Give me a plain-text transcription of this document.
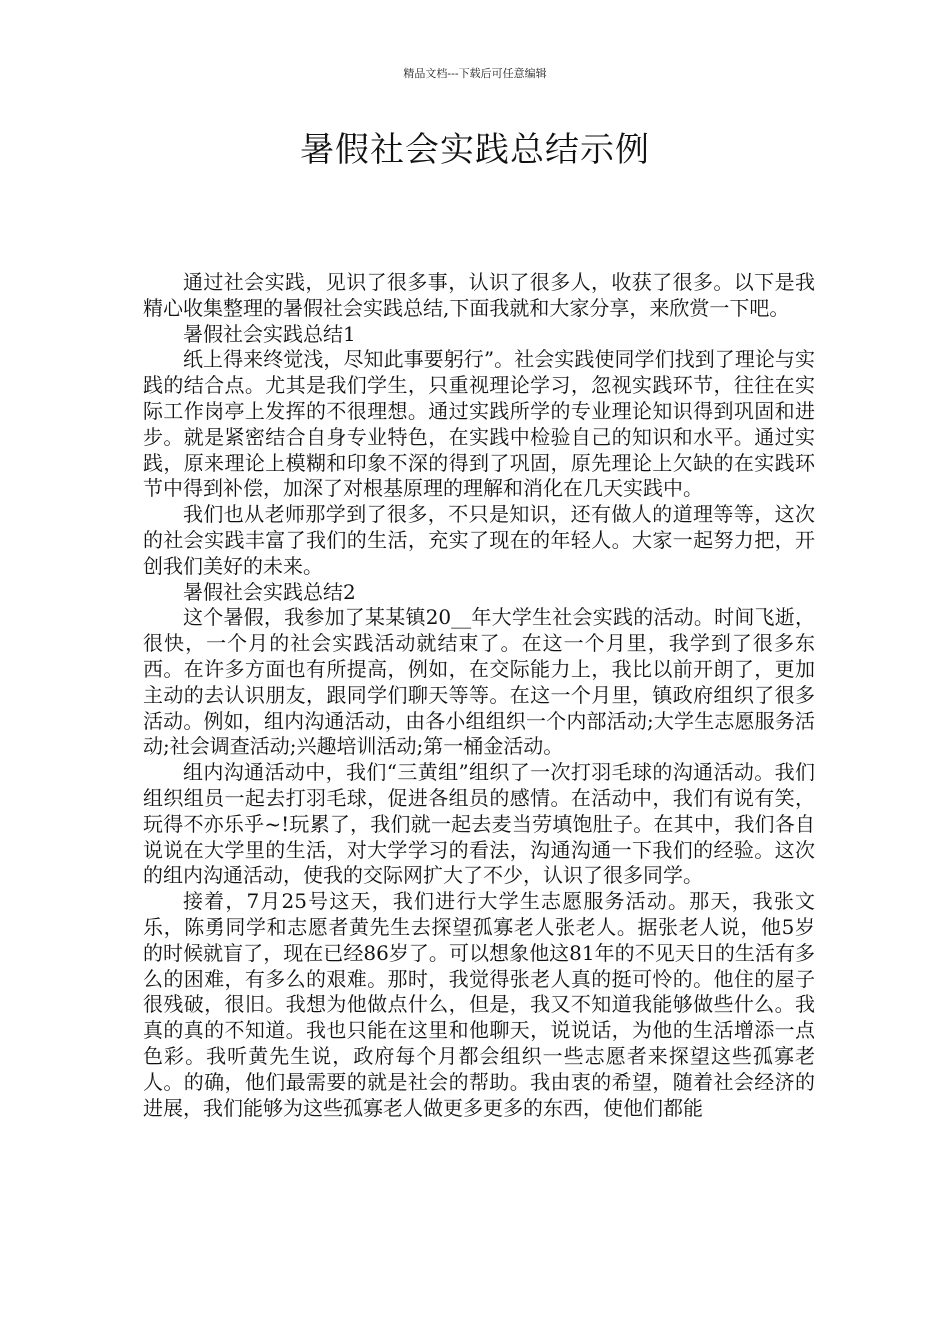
精品文档---下载后可任意编辑
暑假社会实践总结示例

通过社会实践，见识了很多事，认识了很多人，收获了很多。以下是我精心收集整理的暑假社会实践总结,下面我就和大家分享，来欣赏一下吧。

暑假社会实践总结1

纸上得来终觉浅，尽知此事要躬行”。社会实践使同学们找到了理论与实践的结合点。尤其是我们学生，只重视理论学习，忽视实践环节，往往在实际工作岗亭上发挥的不很理想。通过实践所学的专业理论知识得到巩固和进步。就是紧密结合自身专业特色，在实践中检验自己的知识和水平。通过实践，原来理论上模糊和印象不深的得到了巩固，原先理论上欠缺的在实践环节中得到补偿，加深了对根基原理的理解和消化在几天实践中。

我们也从老师那学到了很多，不只是知识，还有做人的道理等等，这次的社会实践丰富了我们的生活，充实了现在的年轻人。大家一起努力把，开创我们美好的未来。

暑假社会实践总结2

这个暑假，我参加了某某镇20__年大学生社会实践的活动。时间飞逝，很快，一个月的社会实践活动就结束了。在这一个月里，我学到了很多东西。在许多方面也有所提高，例如，在交际能力上，我比以前开朗了，更加主动的去认识朋友，跟同学们聊天等等。在这一个月里，镇政府组织了很多活动。例如，组内沟通活动，由各小组组织一个内部活动;大学生志愿服务活动;社会调查活动;兴趣培训活动;第一桶金活动。

组内沟通活动中，我们“三黄组”组织了一次打羽毛球的沟通活动。我们组织组员一起去打羽毛球，促进各组员的感情。在活动中，我们有说有笑，玩得不亦乐乎~!玩累了，我们就一起去麦当劳填饱肚子。在其中，我们各自说说在大学里的生活，对大学学习的看法，沟通沟通一下我们的经验。这次的组内沟通活动，使我的交际网扩大了不少，认识了很多同学。

接着，7月25号这天，我们进行大学生志愿服务活动。那天，我张文乐，陈勇同学和志愿者黄先生去探望孤寡老人张老人。据张老人说，他5岁的时候就盲了，现在已经86岁了。可以想象他这81年的不见天日的生活有多么的困难，有多么的艰难。那时，我觉得张老人真的挺可怜的。他住的屋子很残破，很旧。我想为他做点什么，但是，我又不知道我能够做些什么。我真的真的不知道。我也只能在这里和他聊天，说说话，为他的生活增添一点色彩。我听黄先生说，政府每个月都会组织一些志愿者来探望这些孤寡老人。的确，他们最需要的就是社会的帮助。我由衷的希望，随着社会经济的进展，我们能够为这些孤寡老人做更多更多的东西，使他们都能
